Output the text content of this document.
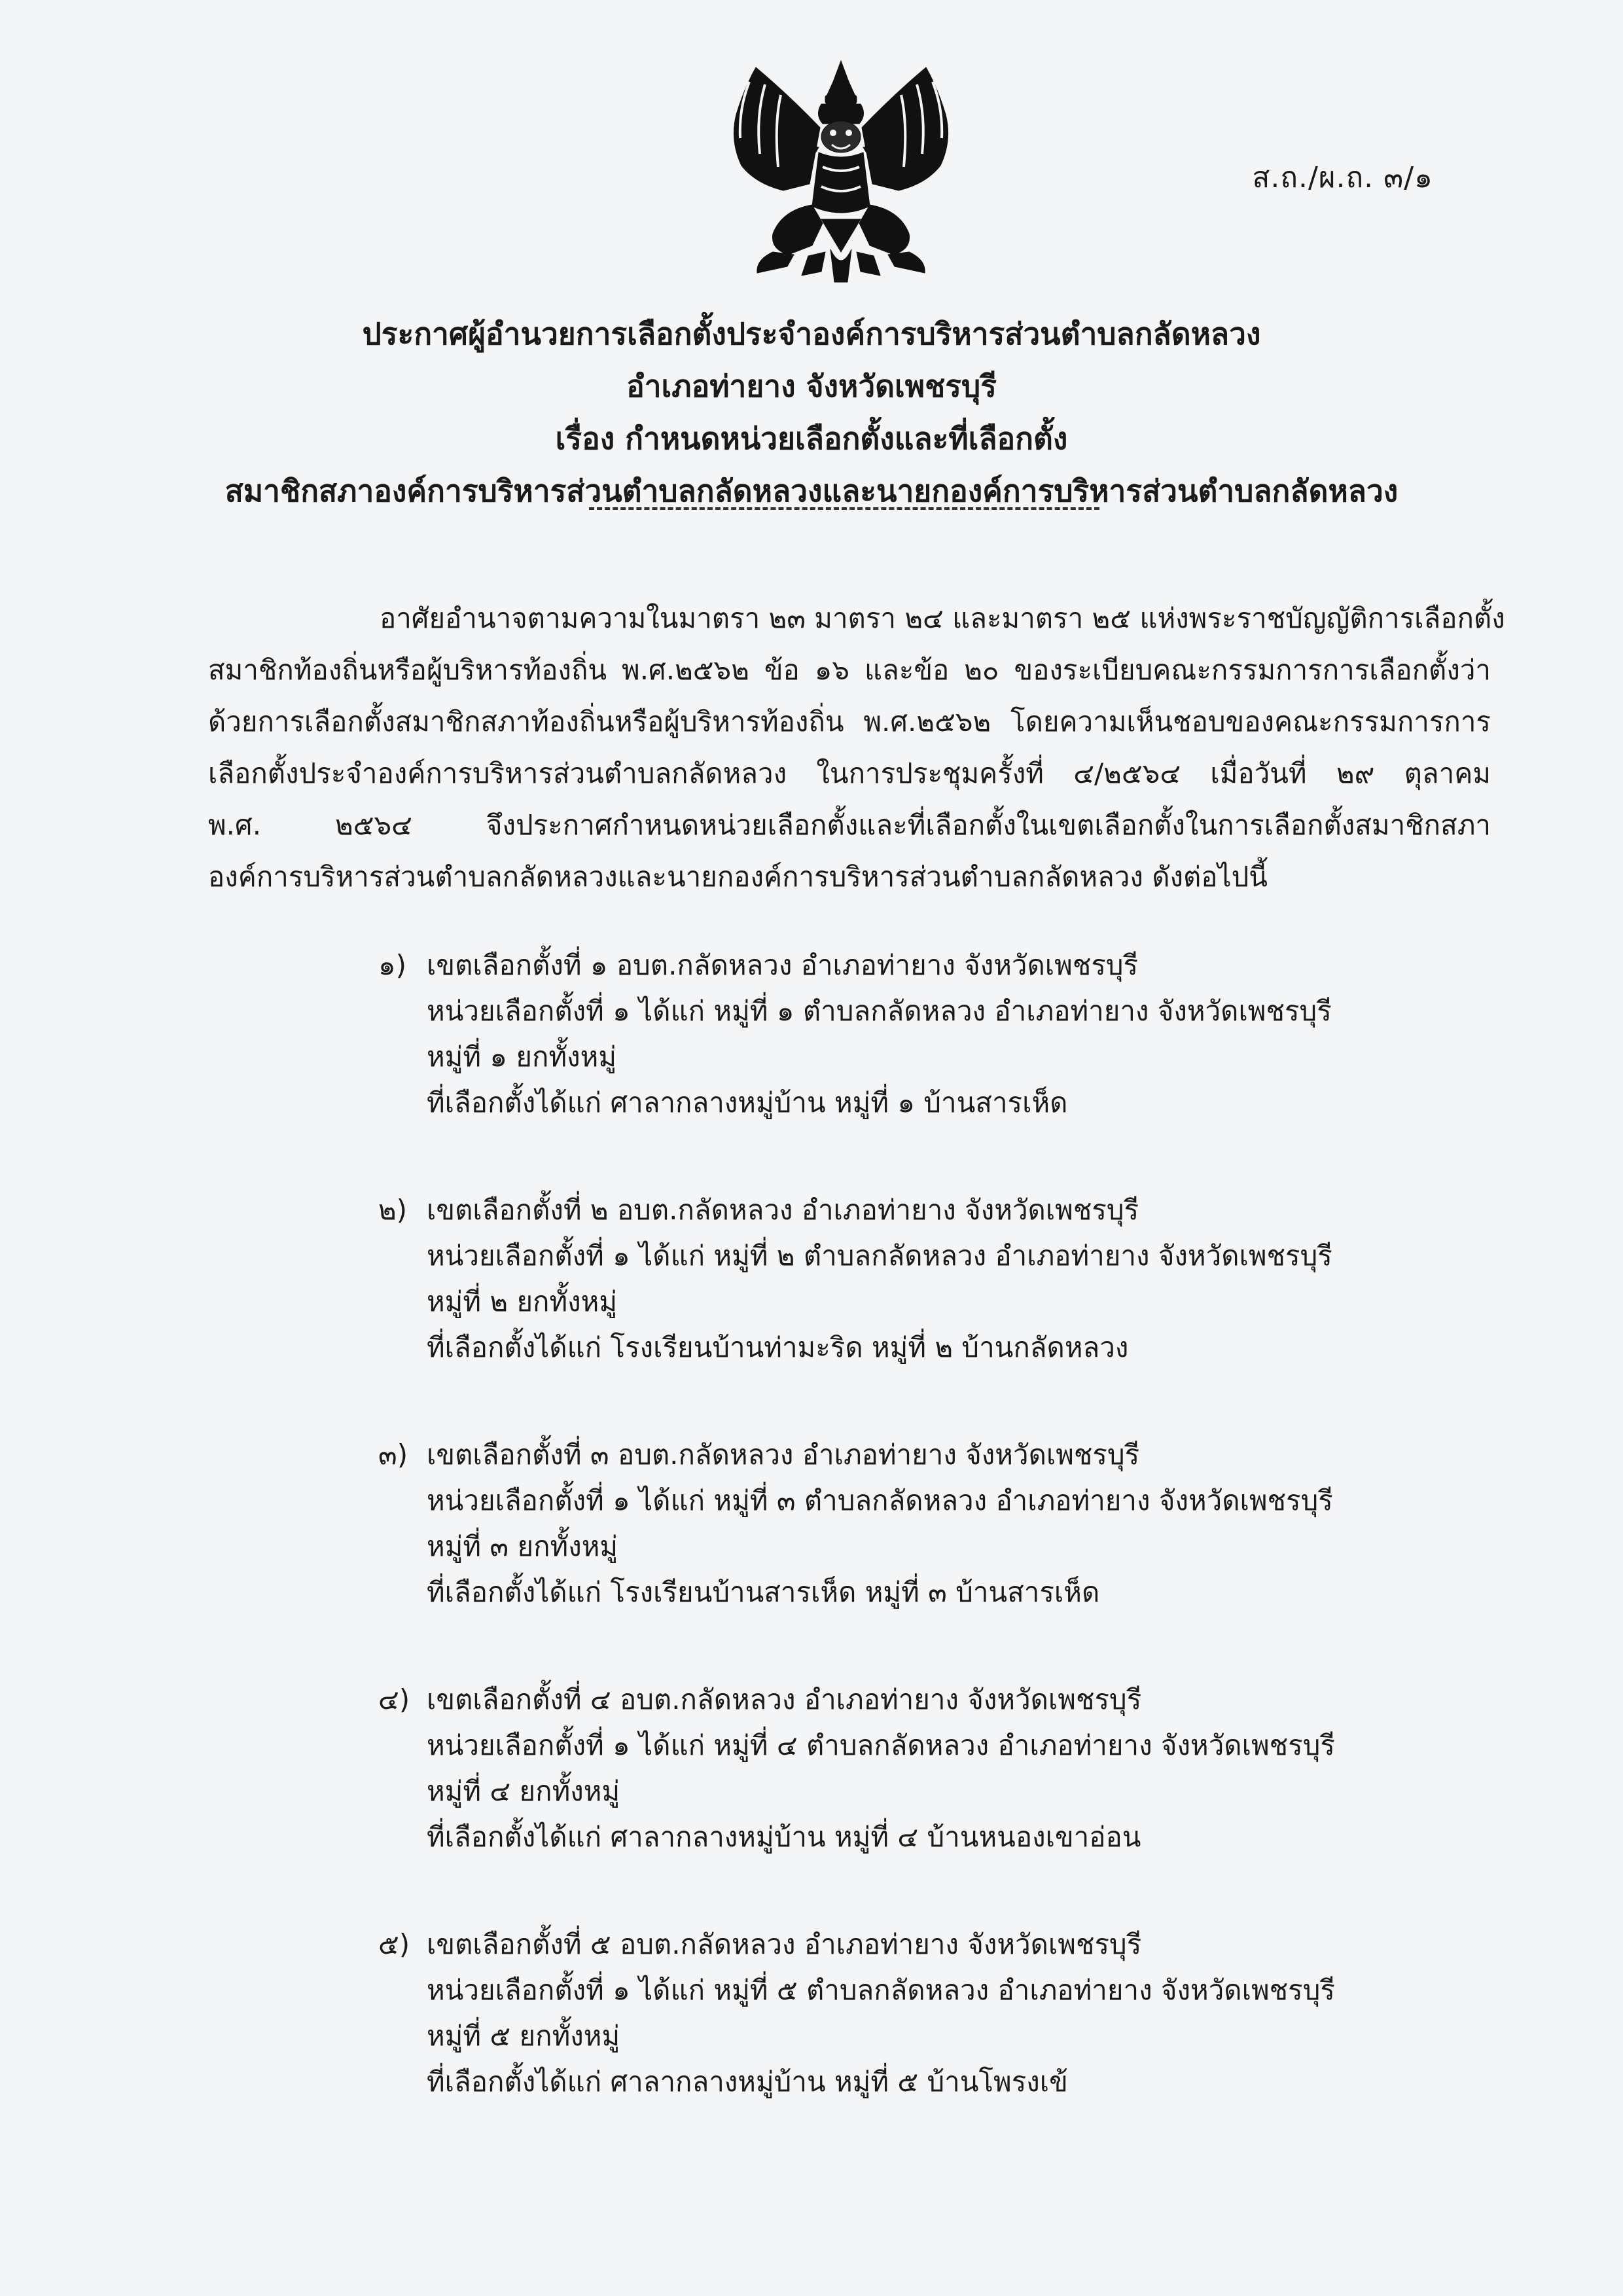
ส.ถ./ผ.ถ. ๓/๑
ประกาศผู้อำนวยการเลือกตั้งประจำองค์การบริหารส่วนตำบลกลัดหลวง
อำเภอท่ายาง จังหวัดเพชรบุรี
เรื่อง กำหนดหน่วยเลือกตั้งและที่เลือกตั้ง
สมาชิกสภาองค์การบริหารส่วนตำบลกลัดหลวงและนายกองค์การบริหารส่วนตำบลกลัดหลวง
อาศัยอำนาจตามความในมาตรา ๒๓ มาตรา ๒๔ และมาตรา ๒๕ แห่งพระราชบัญญัติการเลือกตั้ง
สมาชิกท้องถิ่นหรือผู้บริหารท้องถิ่น พ.ศ.๒๕๖๒ ข้อ ๑๖ และข้อ ๒๐ ของระเบียบคณะกรรมการการเลือกตั้งว่า
ด้วยการเลือกตั้งสมาชิกสภาท้องถิ่นหรือผู้บริหารท้องถิ่น พ.ศ.๒๕๖๒ โดยความเห็นชอบของคณะกรรมการการ
เลือกตั้งประจำองค์การบริหารส่วนตำบลกลัดหลวง ในการประชุมครั้งที่ ๔/๒๕๖๔ เมื่อวันที่ ๒๙ ตุลาคม
พ.ศ. ๒๕๖๔ จึงประกาศกำหนดหน่วยเลือกตั้งและที่เลือกตั้งในเขตเลือกตั้งในการเลือกตั้งสมาชิกสภา
องค์การบริหารส่วนตำบลกลัดหลวงและนายกองค์การบริหารส่วนตำบลกลัดหลวง ดังต่อไปนี้
๑) เขตเลือกตั้งที่ ๑ อบต.กลัดหลวง อำเภอท่ายาง จังหวัดเพชรบุรี
หน่วยเลือกตั้งที่ ๑ ได้แก่ หมู่ที่ ๑ ตำบลกลัดหลวง อำเภอท่ายาง จังหวัดเพชรบุรี
หมู่ที่ ๑ ยกทั้งหมู่
ที่เลือกตั้งได้แก่ ศาลากลางหมู่บ้าน หมู่ที่ ๑ บ้านสารเห็ด
๒) เขตเลือกตั้งที่ ๒ อบต.กลัดหลวง อำเภอท่ายาง จังหวัดเพชรบุรี
หน่วยเลือกตั้งที่ ๑ ได้แก่ หมู่ที่ ๒ ตำบลกลัดหลวง อำเภอท่ายาง จังหวัดเพชรบุรี
หมู่ที่ ๒ ยกทั้งหมู่
ที่เลือกตั้งได้แก่ โรงเรียนบ้านท่ามะริด หมู่ที่ ๒ บ้านกลัดหลวง
๓) เขตเลือกตั้งที่ ๓ อบต.กลัดหลวง อำเภอท่ายาง จังหวัดเพชรบุรี
หน่วยเลือกตั้งที่ ๑ ได้แก่ หมู่ที่ ๓ ตำบลกลัดหลวง อำเภอท่ายาง จังหวัดเพชรบุรี
หมู่ที่ ๓ ยกทั้งหมู่
ที่เลือกตั้งได้แก่ โรงเรียนบ้านสารเห็ด หมู่ที่ ๓ บ้านสารเห็ด
๔) เขตเลือกตั้งที่ ๔ อบต.กลัดหลวง อำเภอท่ายาง จังหวัดเพชรบุรี
หน่วยเลือกตั้งที่ ๑ ได้แก่ หมู่ที่ ๔ ตำบลกลัดหลวง อำเภอท่ายาง จังหวัดเพชรบุรี
หมู่ที่ ๔ ยกทั้งหมู่
ที่เลือกตั้งได้แก่ ศาลากลางหมู่บ้าน หมู่ที่ ๔ บ้านหนองเขาอ่อน
๕) เขตเลือกตั้งที่ ๕ อบต.กลัดหลวง อำเภอท่ายาง จังหวัดเพชรบุรี
หน่วยเลือกตั้งที่ ๑ ได้แก่ หมู่ที่ ๕ ตำบลกลัดหลวง อำเภอท่ายาง จังหวัดเพชรบุรี
หมู่ที่ ๕ ยกทั้งหมู่
ที่เลือกตั้งได้แก่ ศาลากลางหมู่บ้าน หมู่ที่ ๕ บ้านโพรงเข้
